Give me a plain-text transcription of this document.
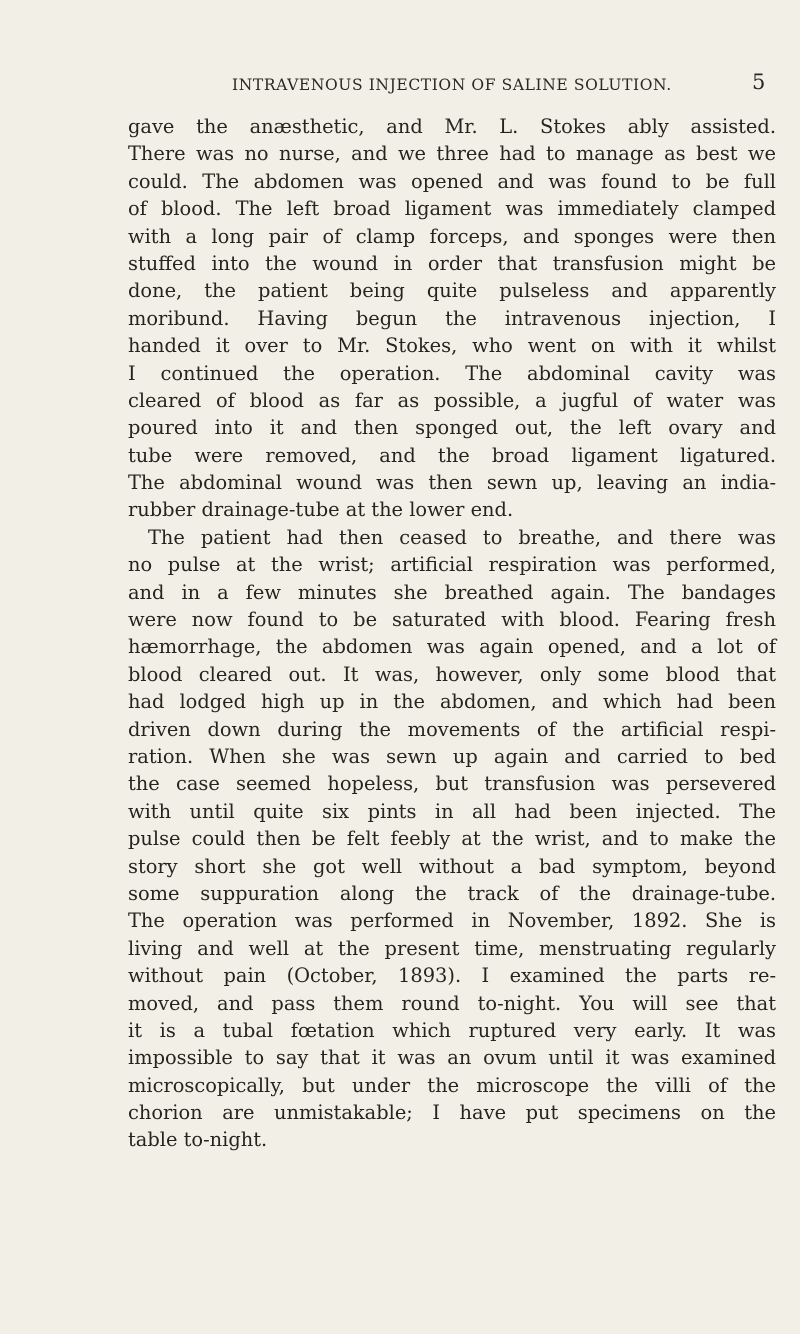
INTRAVENOUS INJECTION OF SALINE SOLUTION.	5
gave the anæsthetic, and Mr. L. Stokes ably assisted.
There was no nurse, and we three had to manage as best we
could. The abdomen was opened and was found to be full
of blood. The left broad ligament was immediately clamped
with a long pair of clamp forceps, and sponges were then
stuffed into the wound in order that transfusion might be
done, the patient being quite pulseless and apparently
moribund. Having begun the intravenous injection, I
handed it over to Mr. Stokes, who went on with it whilst
I continued the operation. The abdominal cavity was
cleared of blood as far as possible, a jugful of water was
poured into it and then sponged out, the left ovary and
tube were removed, and the broad ligament ligatured.
The abdominal wound was then sewn up, leaving an india-
rubber drainage-tube at the lower end.
The patient had then ceased to breathe, and there was
no pulse at the wrist; artificial respiration was performed,
and in a few minutes she breathed again. The bandages
were now found to be saturated with blood. Fearing fresh
hæmorrhage, the abdomen was again opened, and a lot of
blood cleared out. It was, however, only some blood that
had lodged high up in the abdomen, and which had been
driven down during the movements of the artificial respi-
ration. When she was sewn up again and carried to bed
the case seemed hopeless, but transfusion was persevered
with until quite six pints in all had been injected. The
pulse could then be felt feebly at the wrist, and to make the
story short she got well without a bad symptom, beyond
some suppuration along the track of the drainage-tube.
The operation was performed in November, 1892. She is
living and well at the present time, menstruating regularly
without pain (October, 1893). I examined the parts re-
moved, and pass them round to-night. You will see that
it is a tubal fœtation which ruptured very early. It was
impossible to say that it was an ovum until it was examined
microscopically, but under the microscope the villi of the
chorion are unmistakable; I have put specimens on the
table to-night.
